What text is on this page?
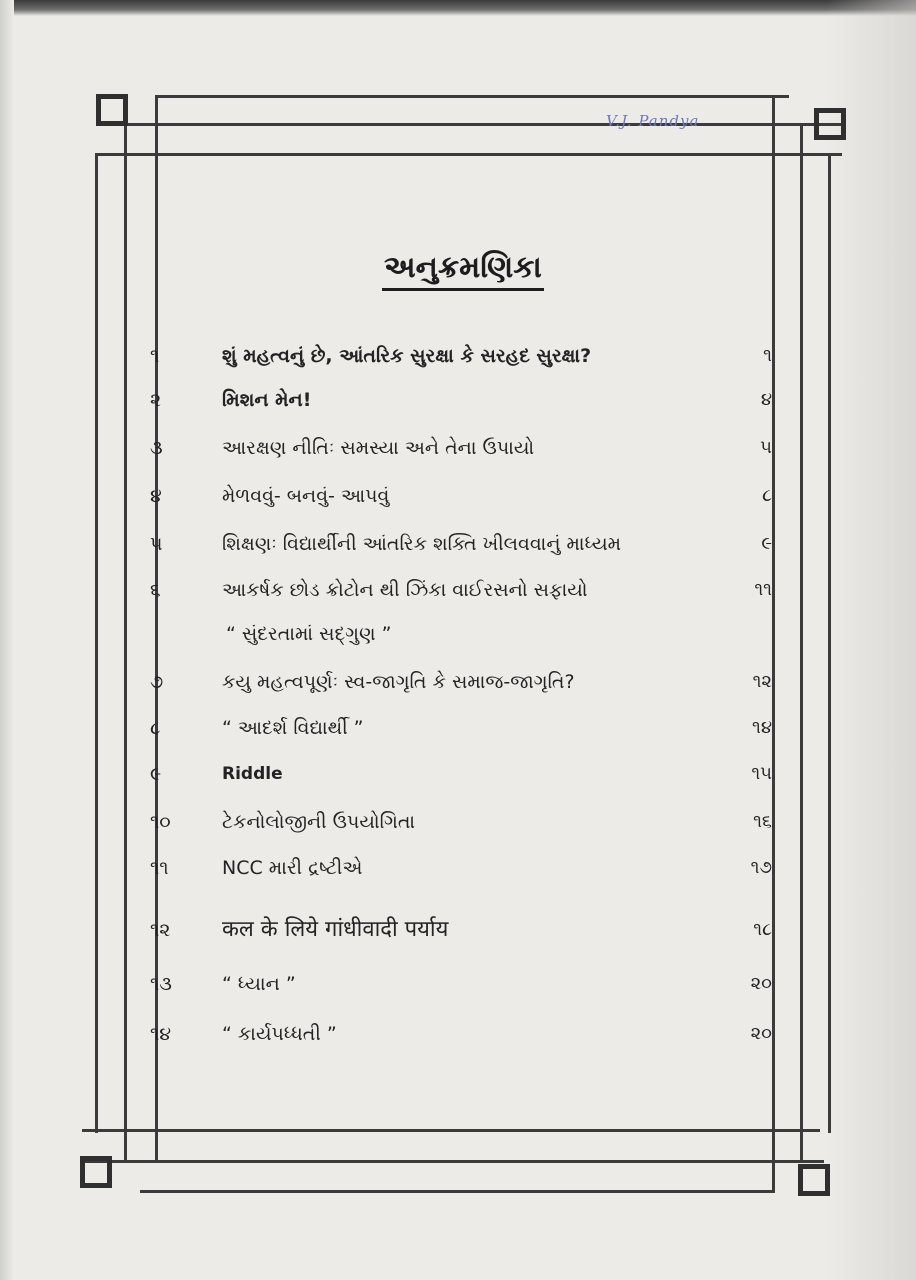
V.J. Pandya
અનુક્રમણિકા
૧	શું મહત્વનું છે, આંતરિક સુરક્ષા કે સરહદ સુરક્ષા?	૧
૨	મિશન મેન!	૪
૩	આરક્ષણ નીતિઃ સમસ્યા અને તેના ઉપાયો	૫
૪	મેળવવું- બનવું- આપવું	૮
૫	શિક્ષણઃ વિદ્યાર્થીની આંતરિક શક્તિ ખીલવવાનું માધ્યમ	૯
૬	આકર્ષક છોડ ક્રોટોન થી ઝિંકા વાઈરસનો સફાયો	૧૧
“ સુંદરતામાં સદ્ગુણ ”
૭	કયુ મહત્વપૂર્ણઃ સ્વ-જાગૃતિ કે સમાજ-જાગૃતિ?	૧૨
૮	“ આદર્શ વિદ્યાર્થી ”	૧૪
૯	Riddle	૧૫
૧૦	ટેકનોલોજીની ઉપયોગિતા	૧૬
૧૧	NCC મારી દ્રષ્ટીએ	૧૭
૧૨	कल के लिये गांधीवादी पर्याय	૧૮
૧૩	“ ધ્યાન ”	૨૦
૧૪	“ કાર્યપધ્ધતી ”	૨૦
